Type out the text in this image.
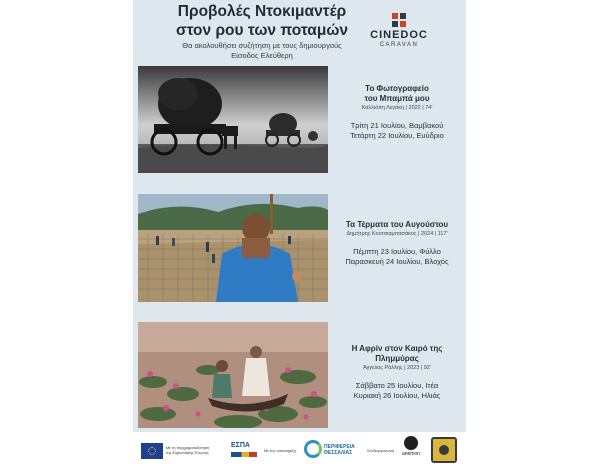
Προβολές Ντοκιμαντέρ
στον ρου των ποταμών
Θα ακολουθήσει συζήτηση με τους δημιουργούς
Είσοδος Ελεύθερη
CINEDOC
CARAVAN
Το Φωτογραφείο
του Μπαμπά μου
Καλλιόπη Λεγάκη | 2022 | 74'
Τρίτη 21 Ιουλίου, Βαμβακού
Τετάρτη 22 Ιουλίου, Ευύδριο
Τα Τέρματα του Αυγούστου
Δημήτρης Κουτσιαμπασάκος | 2024 | 117'
Πέμπτη 23 Ιουλίου, Φύλλο
Παρασκευή 24 Ιουλίου, Βλοχός
Η Αφρίν στον Καιρό της
Πλημμύρας
Άγγελος Ράλλης | 2023 | 92'
Σάββατο 25 Ιουλίου, Ιτέα
Κυριακή 26 Ιουλίου, Ηλιάς
Με τη συγχρηματοδότηση
της Ευρωπαϊκής Ένωσης
ΕΣΠΑ
Με την υποστήριξη
ΠΕΡΙΦΕΡΕΙΑ
ΘΕΣΣΑΛΙΑΣ	Συνδιοργάνωση anemon
